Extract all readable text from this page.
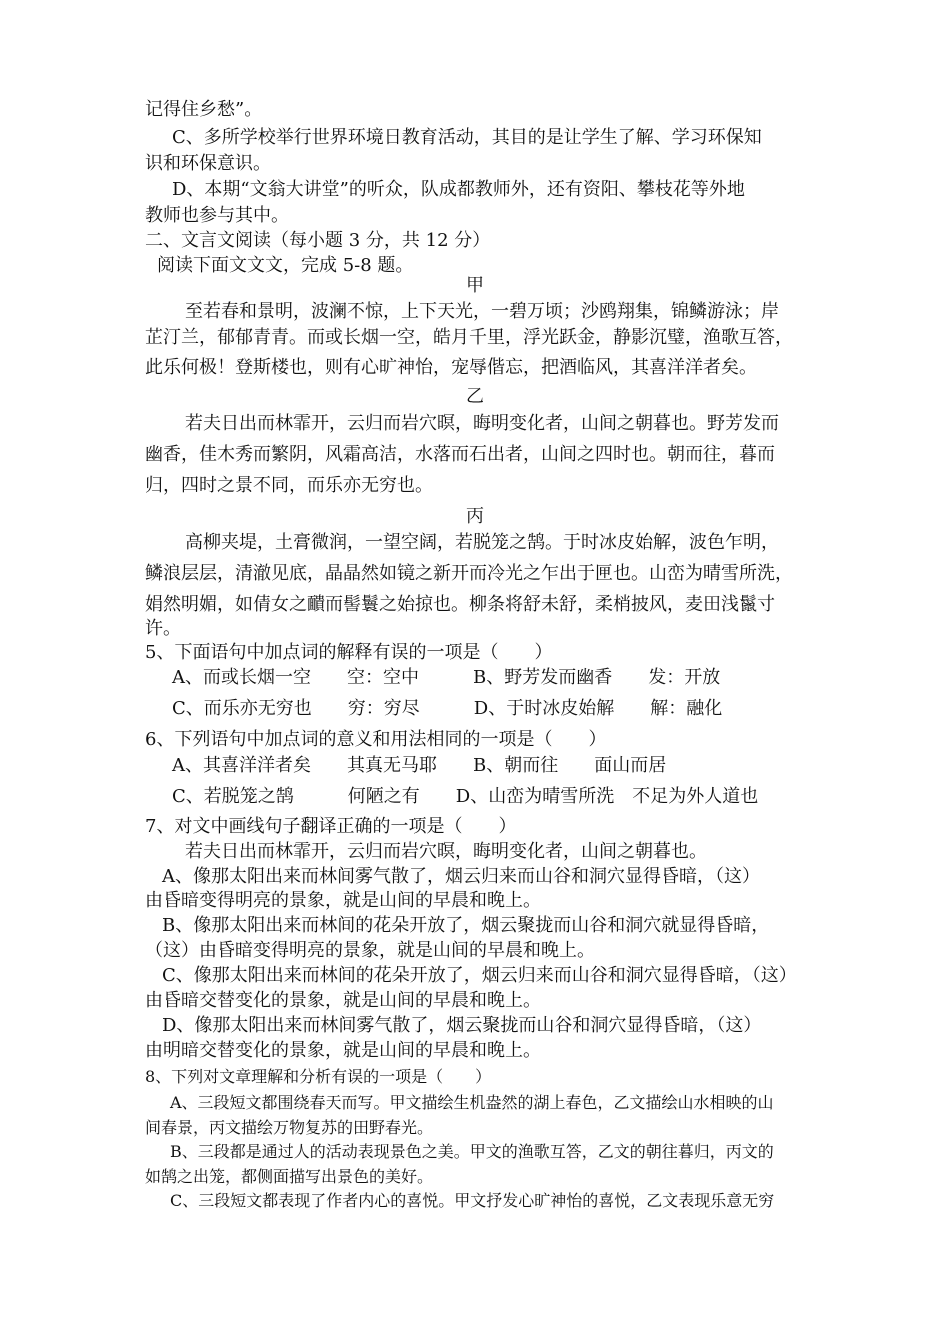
记得住乡愁”。
C、多所学校举行世界环境日教育活动，其目的是让学生了解、学习环保知
识和环保意识。
D、本期“文翁大讲堂”的听众，队成都教师外，还有资阳、攀枝花等外地
教师也参与其中。
二、文言文阅读（每小题 3 分，共 12 分）
阅读下面文文文，完成 5-8 题。
甲
至若春和景明，波澜不惊，上下天光，一碧万顷；沙鸥翔集，锦鳞游泳；岸
芷汀兰，郁郁青青。而或长烟一空，皓月千里，浮光跃金，静影沉璧，渔歌互答，
此乐何极！登斯楼也，则有心旷神怡，宠辱偕忘，把酒临风，其喜洋洋者矣。
乙
若夫日出而林霏开，云归而岩穴暝，晦明变化者，山间之朝暮也。野芳发而
幽香，佳木秀而繁阴，风霜高洁，水落而石出者，山间之四时也。朝而往，暮而
归，四时之景不同，而乐亦无穷也。
丙
高柳夹堤，土膏微润，一望空阔，若脱笼之鹄。于时冰皮始解，波色乍明，
鳞浪层层，清澈见底，晶晶然如镜之新开而冷光之乍出于匣也。山峦为晴雪所洗，
娟然明媚，如倩女之靧而髻鬟之始掠也。柳条将舒未舒，柔梢披风，麦田浅鬣寸
许。
5、下面语句中加点词的解释有误的一项是（　　）
A、而或长烟一空　　空：空中　　　B、野芳发而幽香　　发：开放
C、而乐亦无穷也　　穷：穷尽　　　D、于时冰皮始解　　解：融化
6、下列语句中加点词的意义和用法相同的一项是（　　）
A、其喜洋洋者矣　　其真无马耶　　B、朝而往　　面山而居
C、若脱笼之鹄　　　何陋之有　　D、山峦为晴雪所洗　不足为外人道也
7、对文中画线句子翻译正确的一项是（　　）
若夫日出而林霏开，云归而岩穴暝，晦明变化者，山间之朝暮也。
A、像那太阳出来而林间雾气散了，烟云归来而山谷和洞穴显得昏暗，（这）
由昏暗变得明亮的景象，就是山间的早晨和晚上。
B、像那太阳出来而林间的花朵开放了，烟云聚拢而山谷和洞穴就显得昏暗，
（这）由昏暗变得明亮的景象，就是山间的早晨和晚上。
C、像那太阳出来而林间的花朵开放了，烟云归来而山谷和洞穴显得昏暗，（这）
由昏暗交替变化的景象，就是山间的早晨和晚上。
D、像那太阳出来而林间雾气散了，烟云聚拢而山谷和洞穴显得昏暗，（这）
由明暗交替变化的景象，就是山间的早晨和晚上。
8、下列对文章理解和分析有误的一项是（　　）
A、三段短文都围绕春天而写。甲文描绘生机盎然的湖上春色，乙文描绘山水相映的山
间春景，丙文描绘万物复苏的田野春光。
B、三段都是通过人的活动表现景色之美。甲文的渔歌互答，乙文的朝往暮归，丙文的
如鹄之出笼，都侧面描写出景色的美好。
C、三段短文都表现了作者内心的喜悦。甲文抒发心旷神怡的喜悦，乙文表现乐意无穷
